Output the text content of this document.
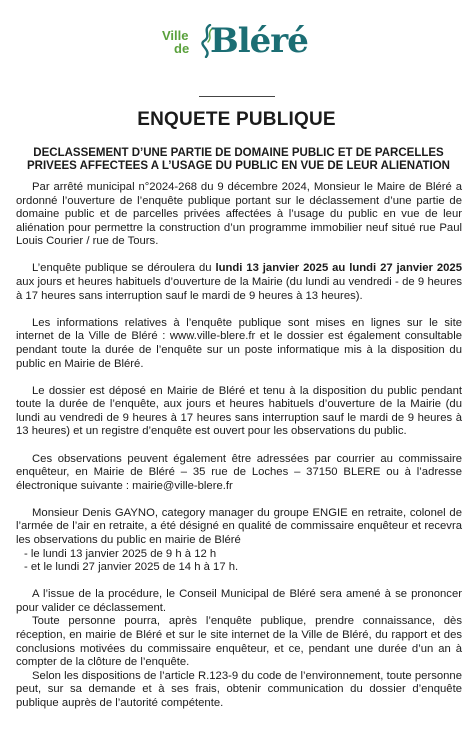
Ville
de Bléré
ENQUETE PUBLIQUE
DECLASSEMENT D’UNE PARTIE DE DOMAINE PUBLIC ET DE PARCELLES
PRIVEES AFFECTEES A L’USAGE DU PUBLIC EN VUE DE LEUR ALIENATION

Par arrêté municipal n°2024-268 du 9 décembre 2024, Monsieur le Maire de Bléré a ordonné l’ouverture de l’enquête publique portant sur le déclassement d’une partie de domaine public et de parcelles privées affectées à l’usage du public en vue de leur aliénation pour permettre la construction d’un programme immobilier neuf situé rue Paul Louis Courier / rue de Tours.

L’enquête publique se déroulera du lundi 13 janvier 2025 au lundi 27 janvier 2025 aux jours et heures habituels d’ouverture de la Mairie (du lundi au vendredi - de 9 heures à 17 heures sans interruption sauf le mardi de 9 heures à 13 heures).

Les informations relatives à l’enquête publique sont mises en lignes sur le site internet de la Ville de Bléré : www.ville-blere.fr et le dossier est également consultable pendant toute la durée de l’enquête sur un poste informatique mis à la disposition du public en Mairie de Bléré.

Le dossier est déposé en Mairie de Bléré et tenu à la disposition du public pendant toute la durée de l’enquête, aux jours et heures habituels d’ouverture de la Mairie (du lundi au vendredi de 9 heures à 17 heures sans interruption sauf le mardi de 9 heures à 13 heures) et un registre d’enquête est ouvert pour les observations du public.

Ces observations peuvent également être adressées par courrier au commissaire enquêteur, en Mairie de Bléré – 35 rue de Loches – 37150 BLERE ou à l’adresse électronique suivante : mairie@ville-blere.fr

Monsieur Denis GAYNO, category manager du groupe ENGIE en retraite, colonel de l’armée de l’air en retraite, a été désigné en qualité de commissaire enquêteur et recevra les observations du public en mairie de Bléré

- le lundi 13 janvier 2025 de 9 h à 12 h
- et le lundi 27 janvier 2025 de 14 h à 17 h.

A l’issue de la procédure, le Conseil Municipal de Bléré sera amené à se prononcer pour valider ce déclassement.

Toute personne pourra, après l’enquête publique, prendre connaissance, dès réception, en mairie de Bléré et sur le site internet de la Ville de Bléré, du rapport et des conclusions motivées du commissaire enquêteur, et ce, pendant une durée d’un an à compter de la clôture de l’enquête.

Selon les dispositions de l’article R.123-9 du code de l’environnement, toute personne peut, sur sa demande et à ses frais, obtenir communication du dossier d’enquête publique auprès de l’autorité compétente.
